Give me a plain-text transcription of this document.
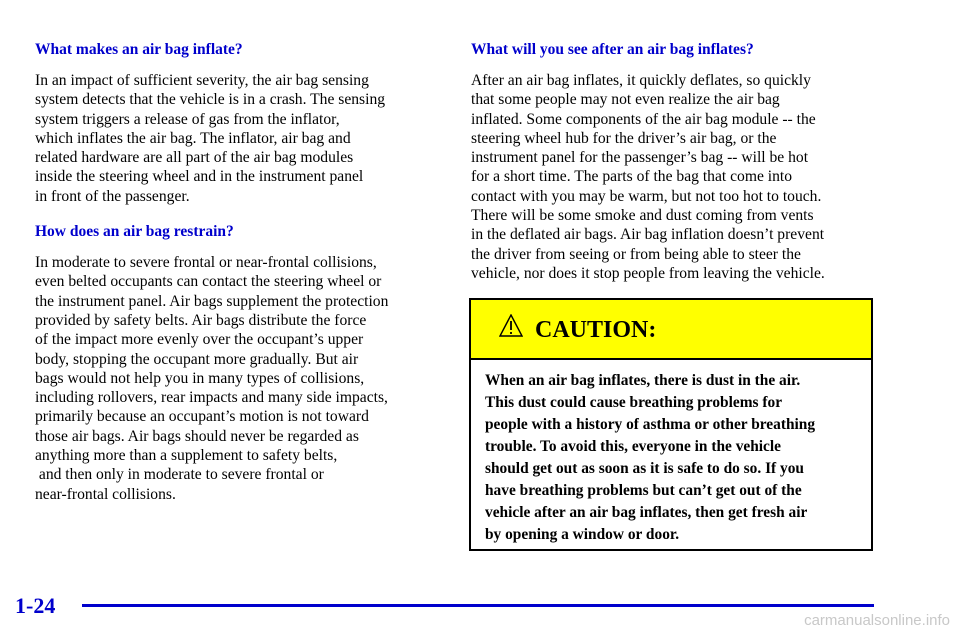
What makes an air bag inflate?
In an impact of sufficient severity, the air bag sensing
system detects that the vehicle is in a crash. The sensing
system triggers a release of gas from the inflator,
which inflates the air bag. The inflator, air bag and
related hardware are all part of the air bag modules
inside the steering wheel and in the instrument panel
in front of the passenger.
How does an air bag restrain?
In moderate to severe frontal or near-frontal collisions,
even belted occupants can contact the steering wheel or
the instrument panel. Air bags supplement the protection
provided by safety belts. Air bags distribute the force
of the impact more evenly over the occupant’s upper
body, stopping the occupant more gradually. But air
bags would not help you in many types of collisions,
including rollovers, rear impacts and many side impacts,
primarily because an occupant’s motion is not toward
those air bags. Air bags should never be regarded as
anything more than a supplement to safety belts,
and then only in moderate to severe frontal or
near-frontal collisions.
What will you see after an air bag inflates?
After an air bag inflates, it quickly deflates, so quickly
that some people may not even realize the air bag
inflated. Some components of the air bag module -- the
steering wheel hub for the driver’s air bag, or the
instrument panel for the passenger’s bag -- will be hot
for a short time. The parts of the bag that come into
contact with you may be warm, but not too hot to touch.
There will be some smoke and dust coming from vents
in the deflated air bags. Air bag inflation doesn’t prevent
the driver from seeing or from being able to steer the
vehicle, nor does it stop people from leaving the vehicle.
CAUTION:
When an air bag inflates, there is dust in the air.
This dust could cause breathing problems for
people with a history of asthma or other breathing
trouble. To avoid this, everyone in the vehicle
should get out as soon as it is safe to do so. If you
have breathing problems but can’t get out of the
vehicle after an air bag inflates, then get fresh air
by opening a window or door.
1-24
carmanualsonline.info
